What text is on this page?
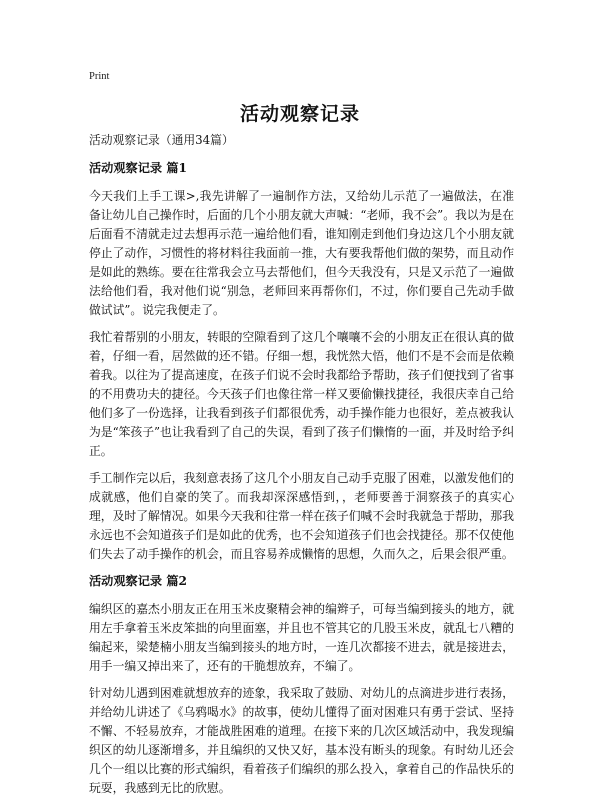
Print
活动观察记录

活动观察记录（通用34篇）

活动观察记录 篇1

今天我们上手工课>,我先讲解了一遍制作方法，又给幼儿示范了一遍做法，在准备让幼儿自己操作时，后面的几个小朋友就大声喊：“老师，我不会”。我以为是在后面看不清就走过去想再示范一遍给他们看，谁知刚走到他们身边这几个小朋友就停止了动作，习惯性的将材料往我面前一推，大有要我帮他们做的架势，而且动作是如此的熟练。要在往常我会立马去帮他们，但今天我没有，只是又示范了一遍做法给他们看，我对他们说“别急，老师回来再帮你们，不过，你们要自己先动手做做试试”。说完我便走了。

我忙着帮别的小朋友，转眼的空隙看到了这几个嚷嚷不会的小朋友正在很认真的做着，仔细一看，居然做的还不错。仔细一想，我恍然大悟，他们不是不会而是依赖着我。以往为了提高速度，在孩子们说不会时我都给予帮助，孩子们便找到了省事的不用费功夫的捷径。今天孩子们也像往常一样又要偷懒找捷径，我很庆幸自己给他们多了一份选择，让我看到孩子们都很优秀，动手操作能力也很好，差点被我认为是“笨孩子”也让我看到了自己的失误，看到了孩子们懒惰的一面，并及时给予纠正。

手工制作完以后，我刻意表扬了这几个小朋友自己动手克服了困难，以激发他们的成就感，他们自豪的笑了。而我却深深感悟到，，老师要善于洞察孩子的真实心理，及时了解情况。如果今天我和往常一样在孩子们喊不会时我就急于帮助，那我永远也不会知道孩子们是如此的优秀，也不会知道孩子们也会找捷径。那不仅使他们失去了动手操作的机会，而且容易养成懒惰的思想，久而久之，后果会很严重。

活动观察记录 篇2

编织区的嘉杰小朋友正在用玉米皮聚精会神的编辫子，可每当编到接头的地方，就用左手拿着玉米皮笨拙的向里面塞，并且也不管其它的几股玉米皮，就乱七八糟的编起来，梁楚楠小朋友当编到接头的地方时，一连几次都接不进去，就是接进去，用手一编又掉出来了，还有的干脆想放弃，不编了。

针对幼儿遇到困难就想放弃的迹象，我采取了鼓励、对幼儿的点滴进步进行表扬，并给幼儿讲述了《乌鸦喝水》的故事，使幼儿懂得了面对困难只有勇于尝试、坚持不懈、不轻易放弃，才能战胜困难的道理。在接下来的几次区域活动中，我发现编织区的幼儿逐渐增多，并且编织的又快又好，基本没有断头的现象。有时幼儿还会几个一组以比赛的形式编织，看着孩子们编织的那么投入，拿着自己的作品快乐的玩耍，我感到无比的欣慰。
